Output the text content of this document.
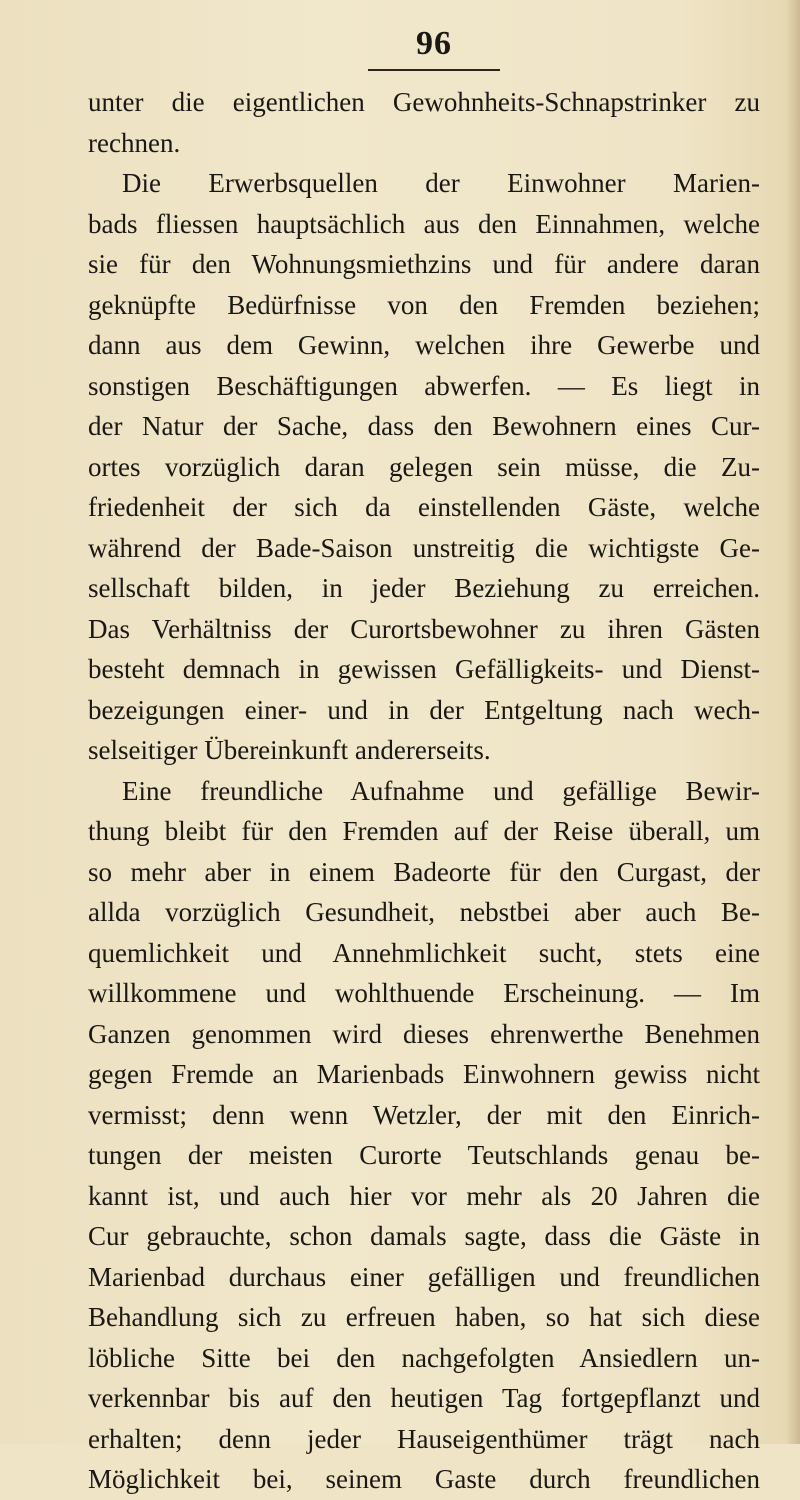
96
unter die eigentlichen Gewohnheits-Schnapstrinker zu
rechnen.
Die Erwerbsquellen der Einwohner Marien-
bads fliessen hauptsächlich aus den Einnahmen, welche
sie für den Wohnungsmiethzins und für andere daran
geknüpfte Bedürfnisse von den Fremden beziehen;
dann aus dem Gewinn, welchen ihre Gewerbe und
sonstigen Beschäftigungen abwerfen. — Es liegt in
der Natur der Sache, dass den Bewohnern eines Cur-
ortes vorzüglich daran gelegen sein müsse, die Zu-
friedenheit der sich da einstellenden Gäste, welche
während der Bade-Saison unstreitig die wichtigste Ge-
sellschaft bilden, in jeder Beziehung zu erreichen.
Das Verhältniss der Curortsbewohner zu ihren Gästen
besteht demnach in gewissen Gefälligkeits- und Dienst-
bezeigungen einer- und in der Entgeltung nach wech-
selseitiger Übereinkunft andererseits.
Eine freundliche Aufnahme und gefällige Bewir-
thung bleibt für den Fremden auf der Reise überall, um
so mehr aber in einem Badeorte für den Curgast, der
allda vorzüglich Gesundheit, nebstbei aber auch Be-
quemlichkeit und Annehmlichkeit sucht, stets eine
willkommene und wohlthuende Erscheinung. — Im
Ganzen genommen wird dieses ehrenwerthe Benehmen
gegen Fremde an Marienbads Einwohnern gewiss nicht
vermisst; denn wenn Wetzler, der mit den Einrich-
tungen der meisten Curorte Teutschlands genau be-
kannt ist, und auch hier vor mehr als 20 Jahren die
Cur gebrauchte, schon damals sagte, dass die Gäste in
Marienbad durchaus einer gefälligen und freundlichen
Behandlung sich zu erfreuen haben, so hat sich diese
löbliche Sitte bei den nachgefolgten Ansiedlern un-
verkennbar bis auf den heutigen Tag fortgepflanzt und
erhalten; denn jeder Hauseigenthümer trägt nach
Möglichkeit bei, seinem Gaste durch freundlichen
